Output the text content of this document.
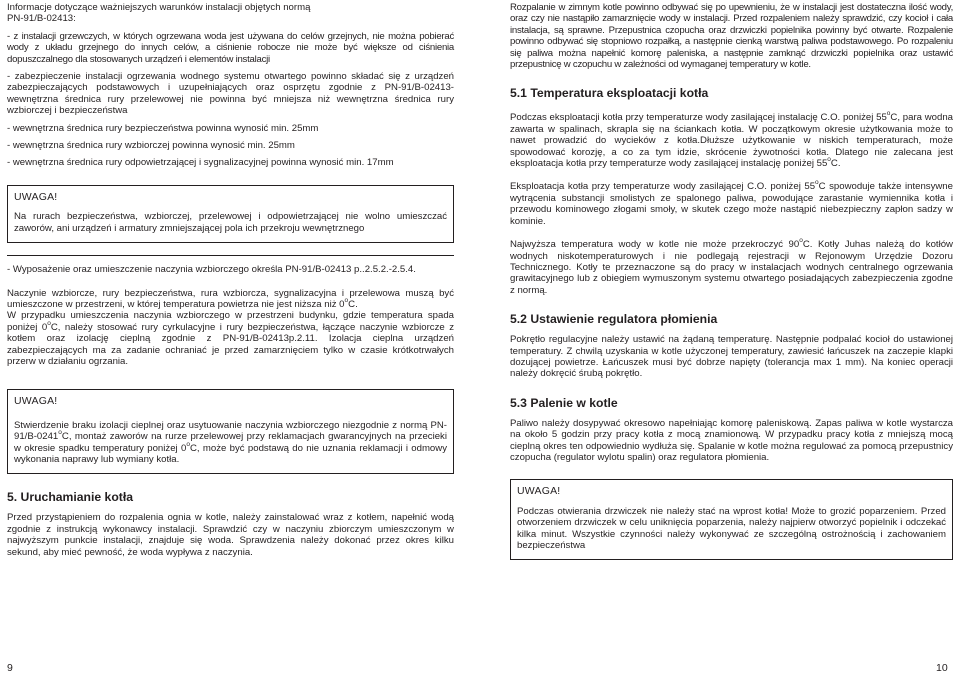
Informacje dotyczące ważniejszych warunków instalacji objętych normą

PN-91/B-02413:

- z instalacji grzewczych, w których ogrzewana woda jest używana do celów grzejnych, nie można pobierać wody z układu grzejnego do innych celów, a ciśnienie robocze nie może być większe od ciśnienia dopuszczalnego dla stosowanych urządzeń i elementów instalacji

- zabezpieczenie instalacji ogrzewania wodnego systemu otwartego powinno składać się z urządzeń zabezpieczających podstawowych i uzupełniających oraz osprzętu zgodnie z PN-91/B-02413- wewnętrzna średnica rury przelewowej nie powinna być mniejsza niż wewnętrzna średnica rury wzbiorczej i bezpieczeństwa

- wewnętrzna średnica rury bezpieczeństwa powinna wynosić min. 25mm

- wewnętrzna średnica rury wzbiorczej powinna wynosić min. 25mm

- wewnętrzna średnica rury odpowietrzającej i sygnalizacyjnej powinna wynosić min. 17mm

UWAGA!

Na rurach bezpieczeństwa, wzbiorczej, przelewowej i odpowietrzającej nie wolno umieszczać zaworów, ani urządzeń i armatury zmniejszającej pola ich przekroju wewnętrznego

- Wyposażenie oraz umieszczenie naczynia wzbiorczego określa PN-91/B-02413 p..2.5.2.-2.5.4.

Naczynie wzbiorcze, rury bezpieczeństwa, rura wzbiorcza, sygnalizacyjna i przelewowa muszą być umieszczone w przestrzeni, w której temperatura powietrza nie jest niższa niż 0$^o$C.

W przypadku umieszczenia naczynia wzbiorczego w przestrzeni budynku, gdzie temperatura spada poniżej 0$^o$C, należy stosować rury cyrkulacyjne i rury bezpieczeństwa, łączące naczynie wzbiorcze z kotłem oraz izolację cieplną zgodnie z PN-91/B-02413p.2.11. Izolacja cieplna urządzeń zabezpieczających ma za zadanie ochraniać je przed zamarznięciem tylko w czasie krótkotrwałych przerw w działaniu ogrzania.

UWAGA!

Stwierdzenie braku izolacji cieplnej oraz usytuowanie naczynia wzbiorczego niezgodnie z normą PN-91/B-0241$^o$C, montaż zaworów na rurze przelewowej przy reklamacjach gwarancyjnych na przecieki w okresie spadku temperatury poniżej 0$^o$C, może być podstawą do nie uznania reklamacji i odmowy wykonania naprawy lub wymiany kotła.

5. Uruchamianie kotła

Przed przystąpieniem do rozpalenia ognia w kotle, należy zainstalować wraz z kotłem, napełnić wodą zgodnie z instrukcją wykonawcy instalacji. Sprawdzić czy w naczyniu zbiorczym umieszczonym w najwyższym punkcie instalacji, znajduje się woda. Sprawdzenia należy dokonać przez okres kilku sekund, aby mieć pewność, że woda wypływa z naczynia.

Rozpalanie w zimnym kotle powinno odbywać się po upewnieniu, że w instalacji jest dostateczna ilość wody, oraz czy nie nastąpiło zamarznięcie wody w instalacji. Przed rozpaleniem należy sprawdzić, czy kocioł i cała instalacja, są sprawne. Przepustnica czopucha oraz drzwiczki popielnika powinny być otwarte. Rozpalenie powinno odbywać się stopniowo rozpałką, a następnie cienką warstwą paliwa podstawowego. Po rozpaleniu się paliwa można napełnić komorę paleniska, a następnie zamknąć drzwiczki popielnika oraz ustawić przepustnicę w czopuchu w zależności od wymaganej temperatury w kotle.

5.1 Temperatura eksploatacji kotła

Podczas eksploatacji kotła przy temperaturze wody zasilającej instalację C.O. poniżej 55$^o$C, para wodna zawarta w spalinach, skrapla się na ściankach kotła. W początkowym okresie użytkowania może to nawet prowadzić do wycieków z kotła.Dłuższe użytkowanie w niskich temperaturach, może spowodować korozję, a co za tym idzie, skrócenie żywotności kotła. Dlatego nie zalecana jest eksploatacja kotła przy temperaturze wody zasilającej instalację poniżej 55$^o$C.

Eksploatacja kotła przy temperaturze wody zasilającej C.O. poniżej 55$^o$C spowoduje także intensywne wytrącenia substancji smolistych ze spalonego paliwa, powodujące zarastanie wymiennika kotła i przewodu kominowego złogami smoły, w skutek czego może nastąpić niebezpieczny zapłon sadzy w kominie.

Najwyższa temperatura wody w kotle nie może przekroczyć 90$^o$C. Kotły Juhas należą do kotłów wodnych niskotemperaturowych i nie podlegają rejestracji w Rejonowym Urzędzie Dozoru Technicznego. Kotły te przeznaczone są do pracy w instalacjach wodnych centralnego ogrzewania grawitacyjnego lub z obiegiem wymuszonym systemu otwartego posiadających zabezpieczenia zgodne z normą.

5.2 Ustawienie regulatora płomienia

Pokrętło regulacyjne należy ustawić na żądaną temperaturę. Następnie podpalać kocioł do ustawionej temperatury. Z chwilą uzyskania w kotle użyczonej temperatury, zawiesić łańcuszek na zaczepie klapki dozującej powietrze. Łańcuszek musi być dobrze napięty (tolerancja max 1 mm). Na koniec operacji należy dokręcić śrubą pokrętło.

5.3 Palenie w kotle

Paliwo należy dosypywać okresowo napełniając komorę paleniskową. Zapas paliwa w kotle wystarcza na około 5 godzin przy pracy kotła z mocą znamionową. W przypadku pracy kotła z mniejszą mocą cieplną okres ten odpowiednio wydłuża się. Spalanie w kotle można regulować za pomocą przepustnicy czopucha (regulator wylotu spalin) oraz regulatora płomienia.

UWAGA!

Podczas otwierania drzwiczek nie należy stać na wprost kotła! Może to grozić poparzeniem. Przed otworzeniem drzwiczek w celu uniknięcia poparzenia, należy najpierw otworzyć popielnik i odczekać kilka minut. Wszystkie czynności należy wykonywać ze szczególną ostrożnością i zachowaniem bezpieczeństwa

9	10
